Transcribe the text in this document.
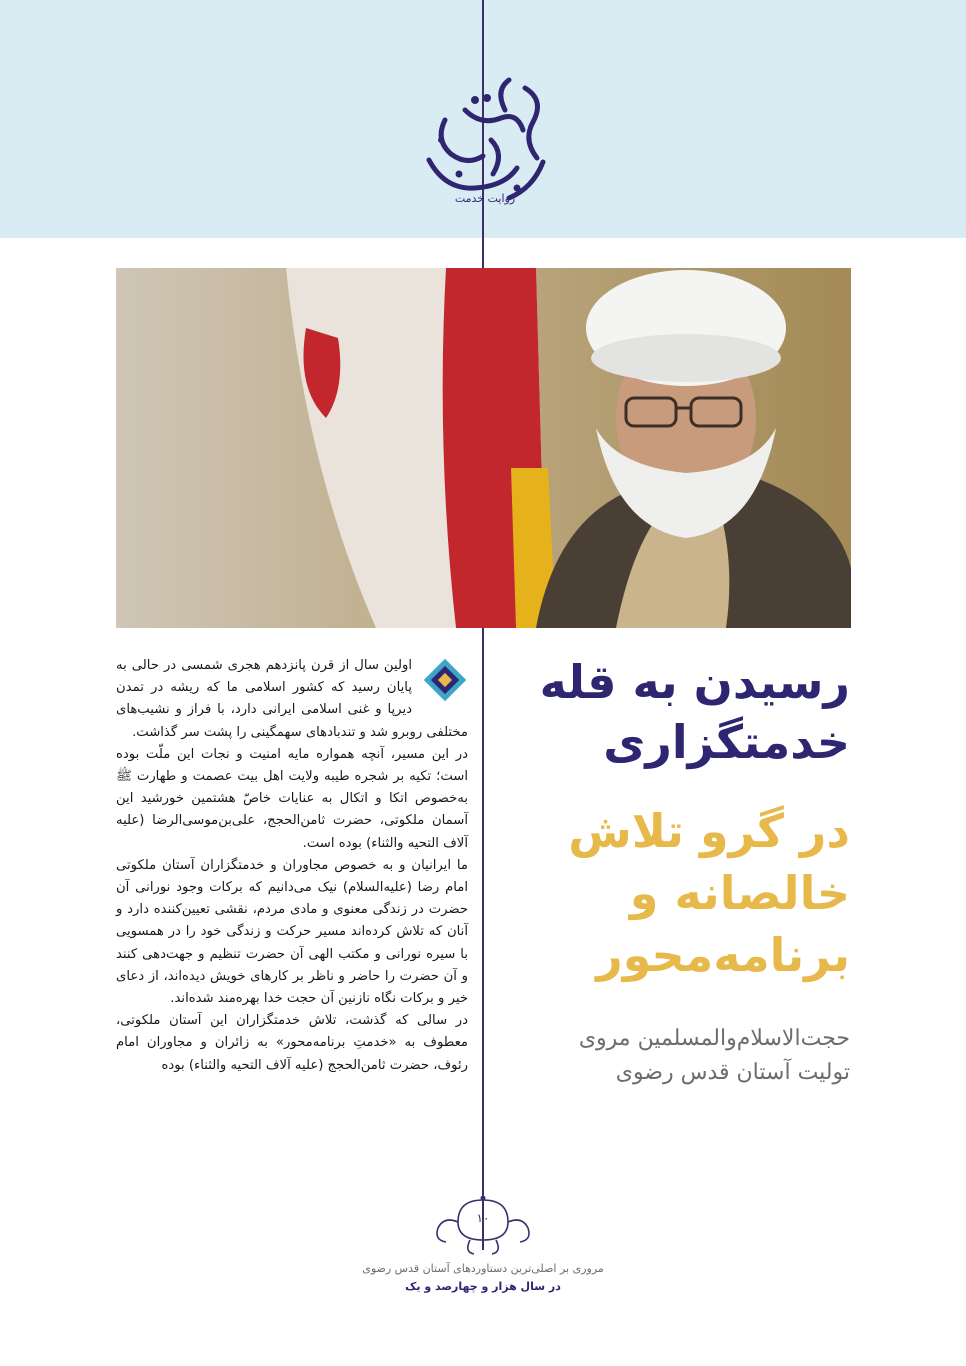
روایت خدمت
رسیدن به قله
خدمتگزاری
در گرو تلاش
خالصانه و
برنامه‌محور
حجت‌الاسلام‌والمسلمین مروی
تولیت آستان قدس رضوی

اولین سال از قرن پانزدهم هجری شمسی در حالی به پایان رسید که کشور اسلامی ما که ریشه در تمدن دیرپا و غنی اسلامی ایرانی دارد، با فراز و نشیب‌های مختلفی روبرو شد و تندبادهای سهمگینی را پشت سر گذاشت.

در این مسیر، آنچه همواره مایه امنیت و نجات این ملّت بوده است؛ تکیه بر شجره طیبه ولایت اهل بیت عصمت و طهارت ﷺ به‌خصوص اتکا و اتکال به عنایات خاصّ هشتمین خورشید این آسمان ملکوتی، حضرت ثامن‌الحجج، علی‌بن‌موسی‌الرضا (علیه آلاف التحیه والثناء) بوده است.

ما ایرانیان و به خصوص مجاوران و خدمتگزاران آستان ملکوتی امام رضا (علیه‌السلام) نیک می‌دانیم که برکات وجود نورانی آن حضرت در زندگی معنوی و مادی مردم، نقشی تعیین‌کننده دارد و آنان که تلاش کرده‌اند مسیر حرکت و زندگی خود را در همسویی با سیره نورانی و مکتب الهی آن حضرت تنظیم و جهت‌دهی کنند و آن حضرت را حاضر و ناظر بر کارهای خویش دیده‌اند، از دعای خیر و برکات نگاه نازنین آن حجت خدا بهره‌مند شده‌اند.

در سالی که گذشت، تلاش خدمتگزاران این آستان ملکوتی، معطوف به «خدمتِ برنامه‌محور» به زائران و مجاوران امام رئوف، حضرت ثامن‌الحجج (علیه آلاف التحیه والثناء) بوده

۱۰
مروری بر اصلی‌ترین دستاوردهای آستان قدس رضوی
در سال هزار و چهارصد و یک
